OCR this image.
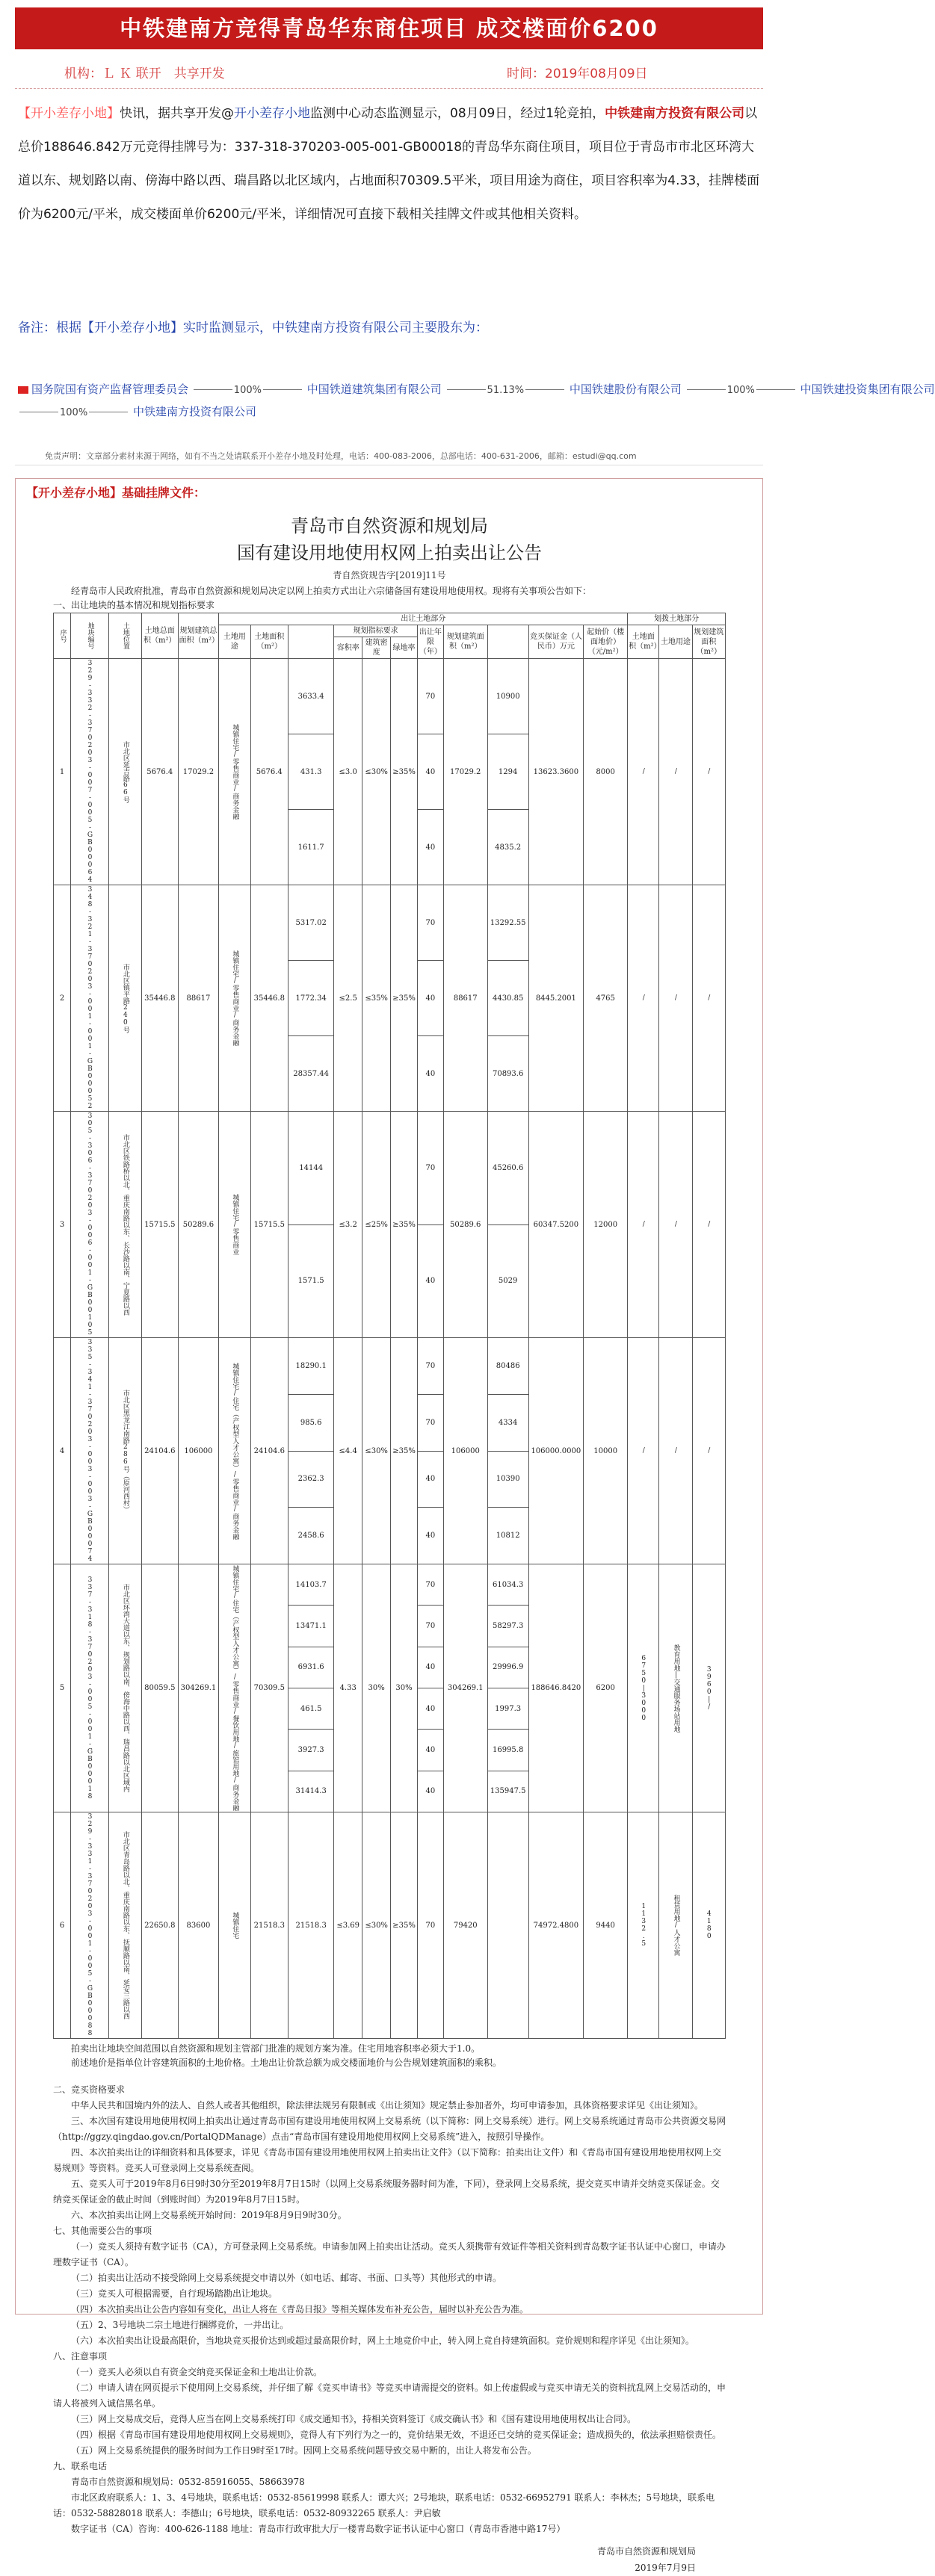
中铁建南方竞得青岛华东商住项目 成交楼面价6200
机构：Ｌ Ｋ 联开　共享开发	时间：2019年08月09日
【开小差存小地】快讯，据共享开发@开小差存小地监测中心动态监测显示，08月09日，经过1轮竞拍，中铁建南方投资有限公司以总价188646.842万元竞得挂牌号为：337-318-370203-005-001-GB00018的青岛华东商住项目，项目位于青岛市市北区环湾大道以东、规划路以南、傍海中路以西、瑞昌路以北区域内，占地面积70309.5平米，项目用途为商住，项目容积率为4.33，挂牌楼面价为6200元/平米，成交楼面单价6200元/平米，详细情况可直接下载相关挂牌文件或其他相关资料。
备注：根据【开小差存小地】实时监测显示，中铁建南方投资有限公司主要股东为：
国务院国有资产监督管理委员会	100%	中国铁道建筑集团有限公司	51.13%	中国铁建股份有限公司	100%	中国铁建投资集团有限公司
100%	中铁建南方投资有限公司
免责声明：文章部分素材来源于网络，如有不当之处请联系开小差存小地及时处理，电话：400-083-2006，总部电话：400-631-2006，邮箱：estudi@qq.com
【开小差存小地】基础挂牌文件：
青岛市自然资源和规划局
国有建设用地使用权网上拍卖出让公告
青自然资规告字[2019]11号
经青岛市人民政府批准，青岛市自然资源和规划局决定以网上拍卖方式出让六宗储备国有建设用地使用权。现将有关事项公告如下：
一、出让地块的基本情况和规划指标要求
序号	地块编号	土地位置	土地总面积（m²）	规划建筑总面积（m²）	出让土地部分											划拨土地部分		
					土地用途	土地面积（m²）		规划指标要求			出让年限（年）	规划建筑面积（m²）		竞买保证金（人民币）万元	起始价（楼面地价）（元/m²）	土地面积（m²）	土地用途	规划建筑面积（m²）
								容积率	建筑密度	绿地率								
1	329-332-370203-007-005-GB00064	市北区延吉路66号	5676.4	17029.2	城镇住宅/零售商业/商务金融	5676.4	3633.4	≤3.0	≤30%	≥35%	70	17029.2	10900	13623.3600	8000	/	/	/

							431.3				40		1294					
							1611.7				40		4835.2					
2	348-321-370203-001-001-GB00052	市北区镇平路240号	35446.8	88617	城镇住宅/零售商业/商务金融	35446.8	5317.02	≤2.5	≤35%	≥35%	70	88617	13292.55	8445.2001	4765	/	/	/

							1772.34				40		4430.85					
							28357.44				40		70893.6					
3	305-306-370203-006-001-GB00105	市北区铁路桥以北、重庆南路以东、长沙路以南、宁夏路以西	15715.5	50289.6	城镇住宅/零售商业	15715.5	14144	≤3.2	≤25%	≥35%	70	50289.6	45260.6	60347.5200	12000	/	/	/

							1571.5				40		5029					
4	335-341-370203-003-003-GB00074	市北区黑龙江南路286号（原河西村）	24104.6	106000	城镇住宅/住宅（产权型人才公寓）/零售商业/商务金融	24104.6	18290.1	≤4.4	≤30%	≥35%	70	106000	80486	106000.0000	10000	/	/	/

							985.6				70		4334					
							2362.3				40		10390					
							2458.6				40		10812					
5	337-318-370203-005-001-GB00018	市北区环湾大道以东、规划路以南、傍海中路以西、瑞昌路以北区域内	80059.5	304269.1	城镇住宅/住宅（产权型人才公寓）/零售商业/餐饮用地/旅馆用地/商务金融	70309.5	14103.7	4.33	30%	30%	70	304269.1	61034.3	188646.8420	6200	6750|3000	教育用地|交通服务场站用地	3960|/

							13471.1				70		58297.3					
							6931.6				40		29996.9					
							461.5				40		1997.3					
							3927.3				40		16995.8					
							31414.3				40		135947.5					
6	329-331-370203-001-005-GB00088	市北区青岛路以北、重庆南路以东、抚顺路以南、延安三路以西	22650.8	83600	城镇住宅	21518.3	21518.3	≤3.69	≤30%	≥35%	70	79420		74972.4800	9440	1132.5	租赁用地/人才公寓	4180
拍卖出让地块空间范围以自然资源和规划主管部门批准的规划方案为准。住宅用地容积率必须大于1.0。
前述地价是指单位计容建筑面积的土地价格。土地出让价款总额为成交楼面地价与公告规划建筑面积的乘积。

二、竞买资格要求

中华人民共和国境内外的法人、自然人或者其他组织，除法律法规另有限制或《出让须知》规定禁止参加者外，均可申请参加，具体资格要求详见《出让须知》。

三、本次国有建设用地使用权网上拍卖出让通过青岛市国有建设用地使用权网上交易系统（以下简称：网上交易系统）进行。网上交易系统通过青岛市公共资源交易网（http://ggzy.qingdao.gov.cn/PortalQDManage）点击“青岛市国有建设用地使用权网上交易系统”进入，按照引导操作。

四、本次拍卖出让的详细资料和具体要求，详见《青岛市国有建设用地使用权网上拍卖出让文件》（以下简称：拍卖出让文件）和《青岛市国有建设用地使用权网上交易规则》等资料。竞买人可登录网上交易系统查阅。

五、竞买人可于2019年8月6日9时30分至2019年8月7日15时（以网上交易系统服务器时间为准，下同），登录网上交易系统，提交竞买申请并交纳竞买保证金。交纳竞买保证金的截止时间（到账时间）为2019年8月7日15时。

六、本次拍卖出让网上交易系统开始时间：2019年8月9日9时30分。

七、其他需要公告的事项

（一）竞买人须持有数字证书（CA），方可登录网上交易系统。申请参加网上拍卖出让活动。竞买人须携带有效证件等相关资料到青岛数字证书认证中心窗口，申请办理数字证书（CA）。

（二）拍卖出让活动不接受除网上交易系统提交申请以外（如电话、邮寄、书面、口头等）其他形式的申请。

（三）竞买人可根据需要，自行现场踏勘出让地块。

（四）本次拍卖出让公告内容如有变化，出让人将在《青岛日报》等相关媒体发布补充公告，届时以补充公告为准。

（五）2、3号地块二宗土地进行捆绑竞价，一并出让。

（六）本次拍卖出让设最高限价，当地块竞买报价达到或超过最高限价时，网上土地竞价中止，转入网上竞自持建筑面积。竞价规则和程序详见《出让须知》。

八、注意事项

（一）竞买人必须以自有资金交纳竞买保证金和土地出让价款。

（二）申请人请在网页提示下使用网上交易系统，并仔细了解《竞买申请书》等竞买申请需提交的资料。如上传虚假或与竞买申请无关的资料扰乱网上交易活动的，申请人将被列入诚信黑名单。

（三）网上交易成交后，竞得人应当在网上交易系统打印《成交通知书》，持相关资料签订《成交确认书》和《国有建设用地使用权出让合同》。

（四）根据《青岛市国有建设用地使用权网上交易规则》，竞得人有下列行为之一的，竞价结果无效，不退还已交纳的竞买保证金；造成损失的，依法承担赔偿责任。

（五）网上交易系统提供的服务时间为工作日9时至17时。因网上交易系统问题导致交易中断的，出让人将发布公告。

九、联系电话

青岛市自然资源和规划局：0532-85916055、58663978

市北区政府联系人：1、3、4号地块，联系电话：0532-85619998 联系人：谭大兴；2号地块，联系电话：0532-66952791 联系人：李林杰；5号地块，联系电话：0532-58828018 联系人：李德山；6号地块，联系电话：0532-80932265 联系人：尹启敏

数字证书（CA）咨询：400-626-1188 地址：青岛市行政审批大厅一楼青岛数字证书认证中心窗口（青岛市香港中路17号）

青岛市自然资源和规划局
2019年7月9日
